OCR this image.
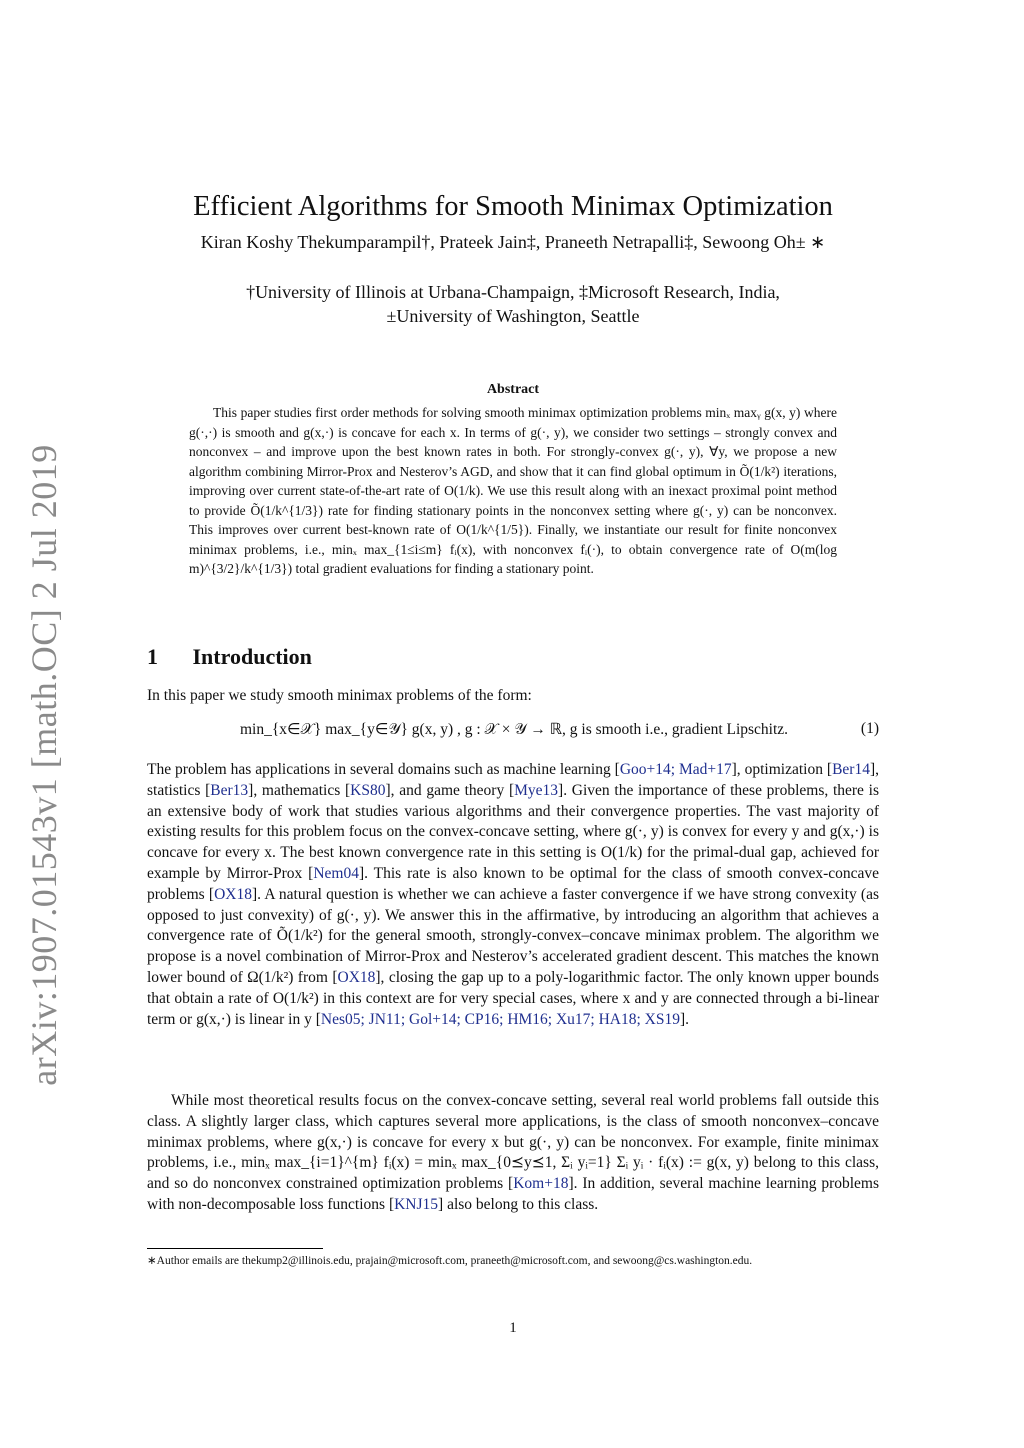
arXiv:1907.01543v1 [math.OC] 2 Jul 2019
Efficient Algorithms for Smooth Minimax Optimization
Kiran Koshy Thekumparampil†, Prateek Jain‡, Praneeth Netrapalli‡, Sewoong Oh± ∗
†University of Illinois at Urbana-Champaign, ‡Microsoft Research, India,
±University of Washington, Seattle
Abstract
This paper studies first order methods for solving smooth minimax optimization problems minₓ maxᵧ g(x, y) where g(·,·) is smooth and g(x,·) is concave for each x. In terms of g(·, y), we consider two settings – strongly convex and nonconvex – and improve upon the best known rates in both. For strongly-convex g(·, y), ∀y, we propose a new algorithm combining Mirror-Prox and Nesterov’s AGD, and show that it can find global optimum in Õ(1/k²) iterations, improving over current state-of-the-art rate of O(1/k). We use this result along with an inexact proximal point method to provide Õ(1/k^{1/3}) rate for finding stationary points in the nonconvex setting where g(·, y) can be nonconvex. This improves over current best-known rate of O(1/k^{1/5}). Finally, we instantiate our result for finite nonconvex minimax problems, i.e., minₓ max_{1≤i≤m} fᵢ(x), with nonconvex fᵢ(·), to obtain convergence rate of O(m(log m)^{3/2}/k^{1/3}) total gradient evaluations for finding a stationary point.
1 Introduction
In this paper we study smooth minimax problems of the form:
min_{x∈𝒳} max_{y∈𝒴} g(x, y) , g : 𝒳 × 𝒴 → ℝ, g is smooth i.e., gradient Lipschitz.	(1)
The problem has applications in several domains such as machine learning [Goo+14; Mad+17], optimization [Ber14], statistics [Ber13], mathematics [KS80], and game theory [Mye13]. Given the importance of these problems, there is an extensive body of work that studies various algorithms and their convergence properties. The vast majority of existing results for this problem focus on the convex-concave setting, where g(·, y) is convex for every y and g(x,·) is concave for every x. The best known convergence rate in this setting is O(1/k) for the primal-dual gap, achieved for example by Mirror-Prox [Nem04]. This rate is also known to be optimal for the class of smooth convex-concave problems [OX18]. A natural question is whether we can achieve a faster convergence if we have strong convexity (as opposed to just convexity) of g(·, y). We answer this in the affirmative, by introducing an algorithm that achieves a convergence rate of Õ(1/k²) for the general smooth, strongly-convex–concave minimax problem. The algorithm we propose is a novel combination of Mirror-Prox and Nesterov’s accelerated gradient descent. This matches the known lower bound of Ω(1/k²) from [OX18], closing the gap up to a poly-logarithmic factor. The only known upper bounds that obtain a rate of O(1/k²) in this context are for very special cases, where x and y are connected through a bi-linear term or g(x,·) is linear in y [Nes05; JN11; Gol+14; CP16; HM16; Xu17; HA18; XS19].
While most theoretical results focus on the convex-concave setting, several real world problems fall outside this class. A slightly larger class, which captures several more applications, is the class of smooth nonconvex–concave minimax problems, where g(x,·) is concave for every x but g(·, y) can be nonconvex. For example, finite minimax problems, i.e., minₓ max_{i=1}^{m} fᵢ(x) = minₓ max_{0⪯y⪯1, Σᵢ yᵢ=1} Σᵢ yᵢ · fᵢ(x) := g(x, y) belong to this class, and so do nonconvex constrained optimization problems [Kom+18]. In addition, several machine learning problems with non-decomposable loss functions [KNJ15] also belong to this class.
∗Author emails are thekump2@illinois.edu, prajain@microsoft.com, praneeth@microsoft.com, and sewoong@cs.washington.edu.
1
